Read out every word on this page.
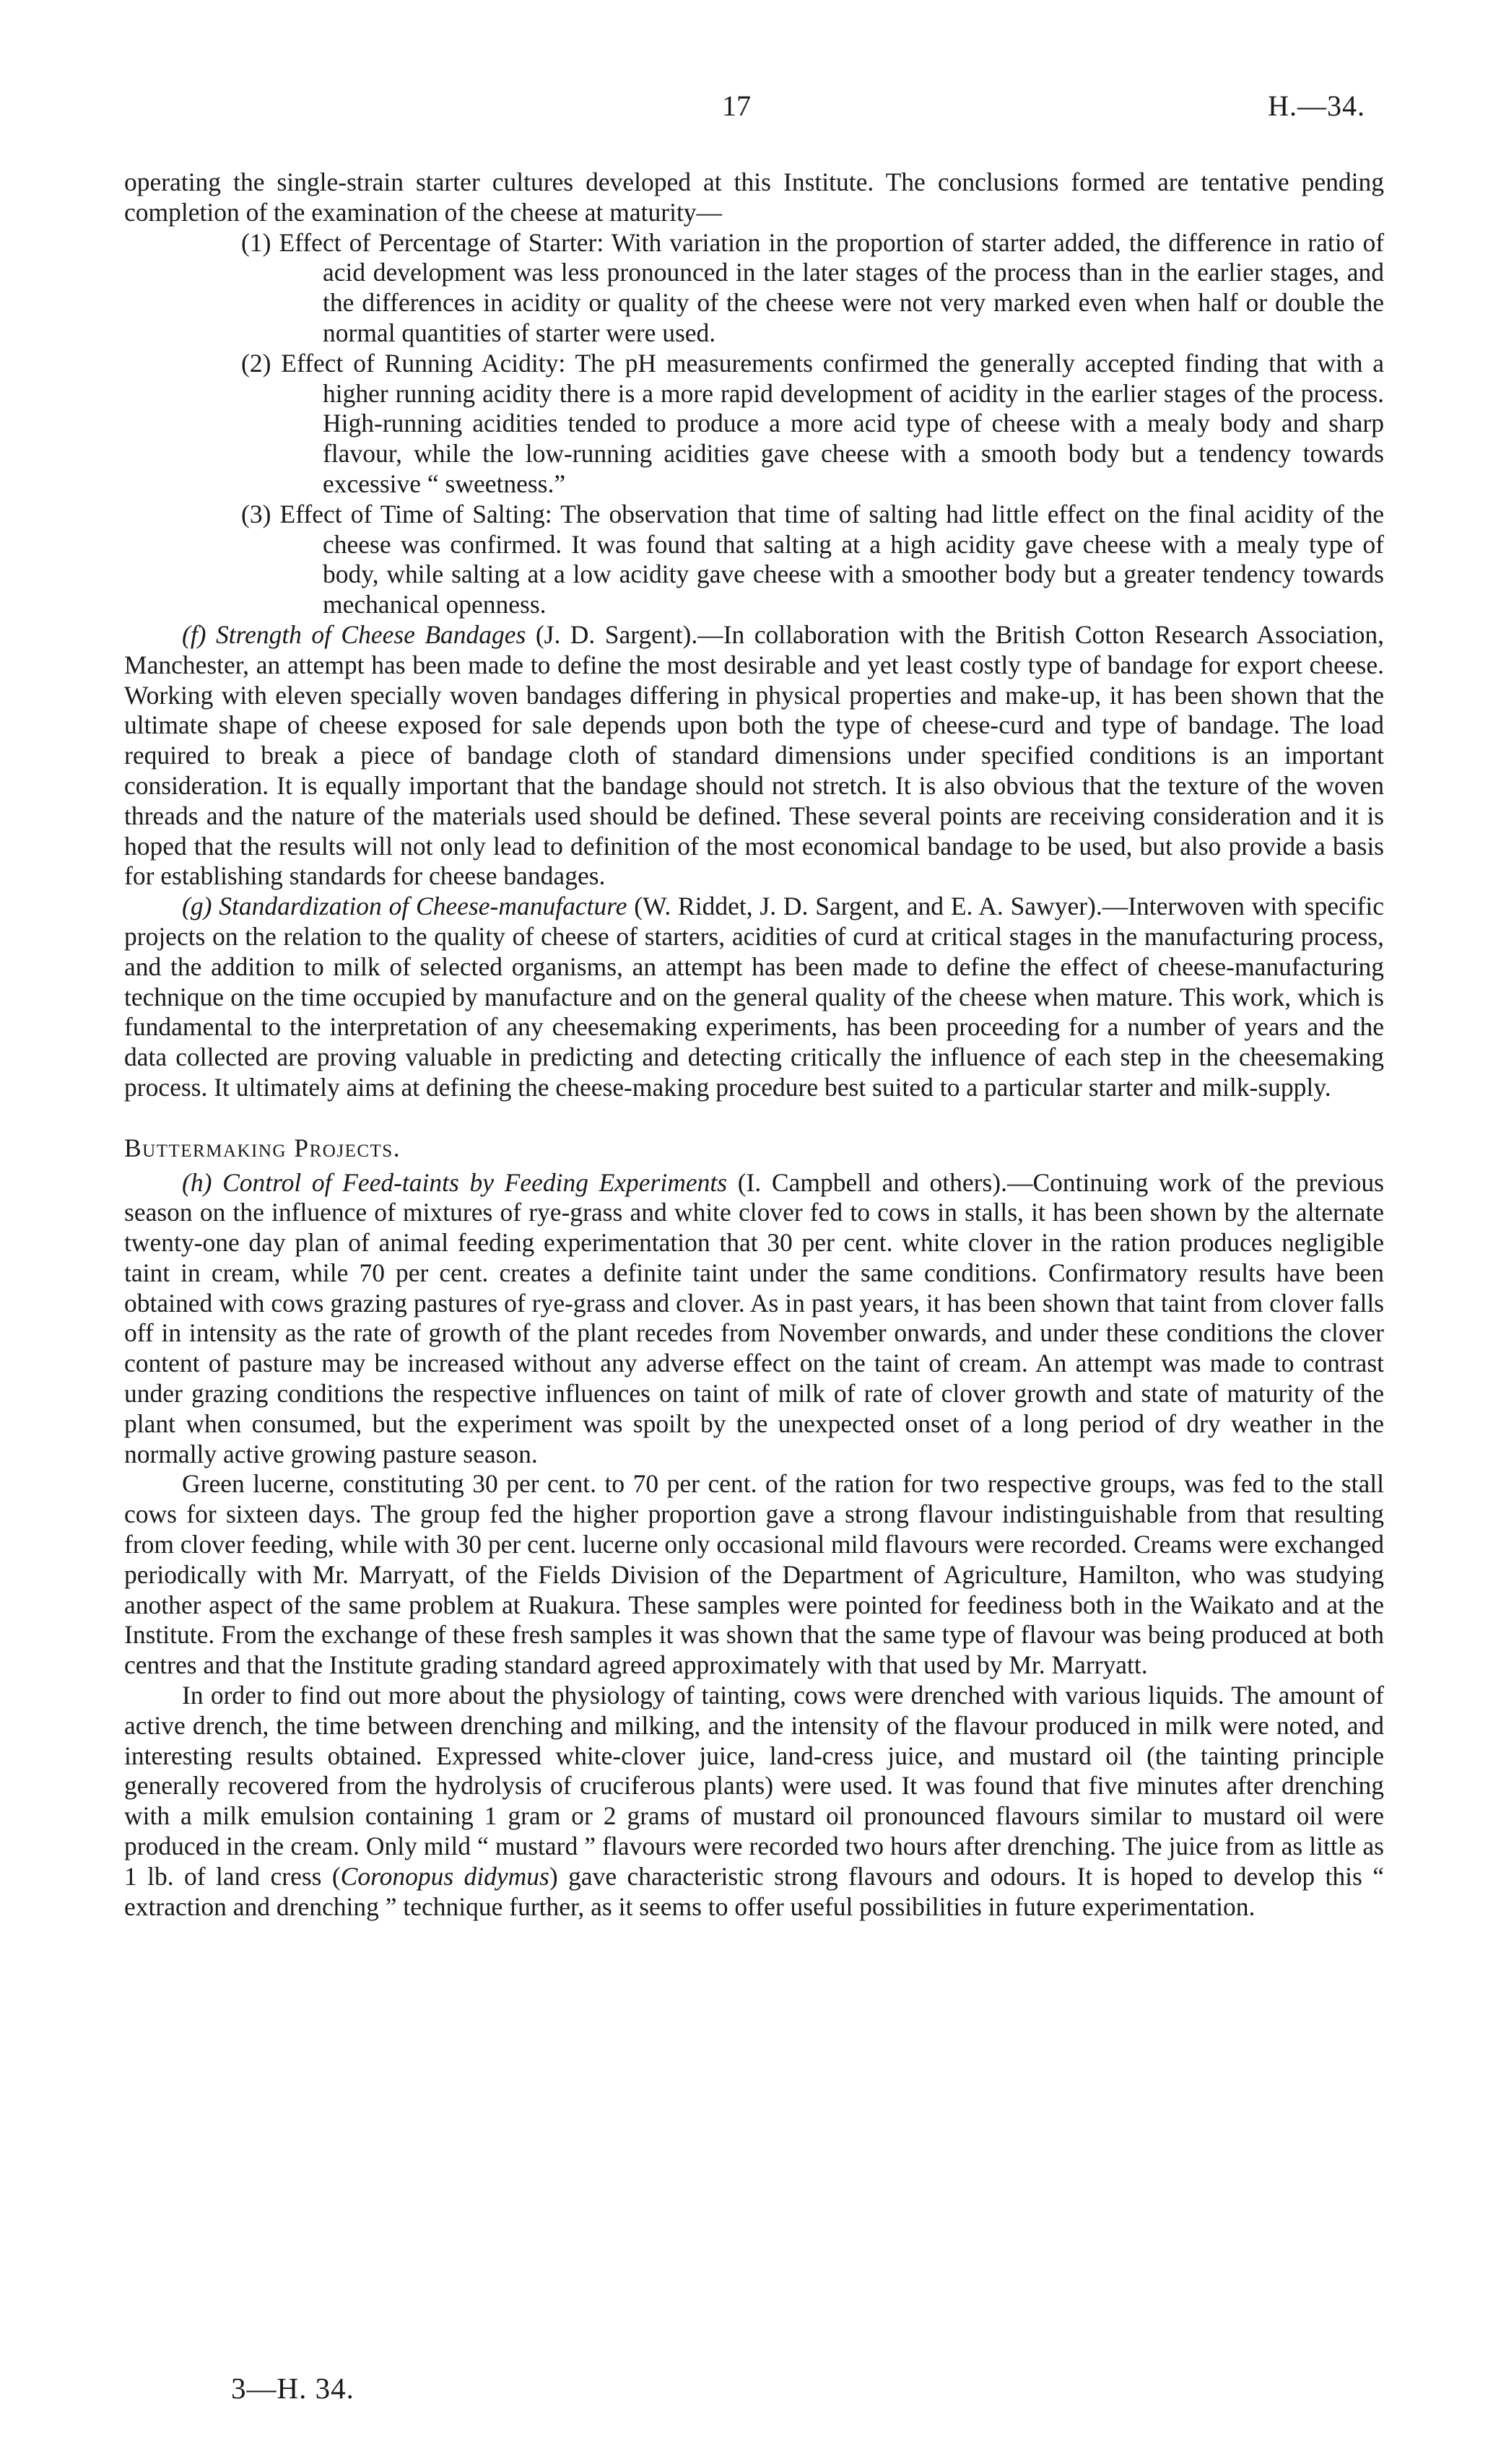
17	H.—34.

operating the single-strain starter cultures developed at this Institute. The conclusions formed are tentative pending completion of the examination of the cheese at maturity—

(1) Effect of Percentage of Starter: With variation in the proportion of starter added, the difference in ratio of acid development was less pronounced in the later stages of the process than in the earlier stages, and the differences in acidity or quality of the cheese were not very marked even when half or double the normal quantities of starter were used.

(2) Effect of Running Acidity: The pH measurements confirmed the generally accepted finding that with a higher running acidity there is a more rapid development of acidity in the earlier stages of the process. High-running acidities tended to produce a more acid type of cheese with a mealy body and sharp flavour, while the low-running acidities gave cheese with a smooth body but a tendency towards excessive “ sweetness.”

(3) Effect of Time of Salting: The observation that time of salting had little effect on the final acidity of the cheese was confirmed. It was found that salting at a high acidity gave cheese with a mealy type of body, while salting at a low acidity gave cheese with a smoother body but a greater tendency towards mechanical openness.

(f) Strength of Cheese Bandages (J. D. Sargent).—In collaboration with the British Cotton Research Association, Manchester, an attempt has been made to define the most desirable and yet least costly type of bandage for export cheese. Working with eleven specially woven bandages differing in physical properties and make-up, it has been shown that the ultimate shape of cheese exposed for sale depends upon both the type of cheese-curd and type of bandage. The load required to break a piece of bandage cloth of standard dimensions under specified conditions is an important consideration. It is equally important that the bandage should not stretch. It is also obvious that the texture of the woven threads and the nature of the materials used should be defined. These several points are receiving consideration and it is hoped that the results will not only lead to definition of the most economical bandage to be used, but also provide a basis for establishing standards for cheese bandages.

(g) Standardization of Cheese-manufacture (W. Riddet, J. D. Sargent, and E. A. Sawyer).—Interwoven with specific projects on the relation to the quality of cheese of starters, acidities of curd at critical stages in the manufacturing process, and the addition to milk of selected organisms, an attempt has been made to define the effect of cheese-manufacturing technique on the time occupied by manufacture and on the general quality of the cheese when mature. This work, which is fundamental to the interpretation of any cheesemaking experiments, has been proceeding for a number of years and the data collected are proving valuable in predicting and detecting critically the influence of each step in the cheesemaking process. It ultimately aims at defining the cheese-making procedure best suited to a particular starter and milk-supply.

Buttermaking Projects.

(h) Control of Feed-taints by Feeding Experiments (I. Campbell and others).—Continuing work of the previous season on the influence of mixtures of rye-grass and white clover fed to cows in stalls, it has been shown by the alternate twenty-one day plan of animal feeding experimentation that 30 per cent. white clover in the ration produces negligible taint in cream, while 70 per cent. creates a definite taint under the same conditions. Confirmatory results have been obtained with cows grazing pastures of rye-grass and clover. As in past years, it has been shown that taint from clover falls off in intensity as the rate of growth of the plant recedes from November onwards, and under these conditions the clover content of pasture may be increased without any adverse effect on the taint of cream. An attempt was made to contrast under grazing conditions the respective influences on taint of milk of rate of clover growth and state of maturity of the plant when consumed, but the experiment was spoilt by the unexpected onset of a long period of dry weather in the normally active growing pasture season.

Green lucerne, constituting 30 per cent. to 70 per cent. of the ration for two respective groups, was fed to the stall cows for sixteen days. The group fed the higher proportion gave a strong flavour indistinguishable from that resulting from clover feeding, while with 30 per cent. lucerne only occasional mild flavours were recorded. Creams were exchanged periodically with Mr. Marryatt, of the Fields Division of the Department of Agriculture, Hamilton, who was studying another aspect of the same problem at Ruakura. These samples were pointed for feediness both in the Waikato and at the Institute. From the exchange of these fresh samples it was shown that the same type of flavour was being produced at both centres and that the Institute grading standard agreed approximately with that used by Mr. Marryatt.

In order to find out more about the physiology of tainting, cows were drenched with various liquids. The amount of active drench, the time between drenching and milking, and the intensity of the flavour produced in milk were noted, and interesting results obtained. Expressed white-clover juice, land-cress juice, and mustard oil (the tainting principle generally recovered from the hydrolysis of cruciferous plants) were used. It was found that five minutes after drenching with a milk emulsion containing 1 gram or 2 grams of mustard oil pronounced flavours similar to mustard oil were produced in the cream. Only mild “ mustard ” flavours were recorded two hours after drenching. The juice from as little as 1 lb. of land cress (Coronopus didymus) gave characteristic strong flavours and odours. It is hoped to develop this “ extraction and drenching ” technique further, as it seems to offer useful possibilities in future experimentation.

3—H. 34.
